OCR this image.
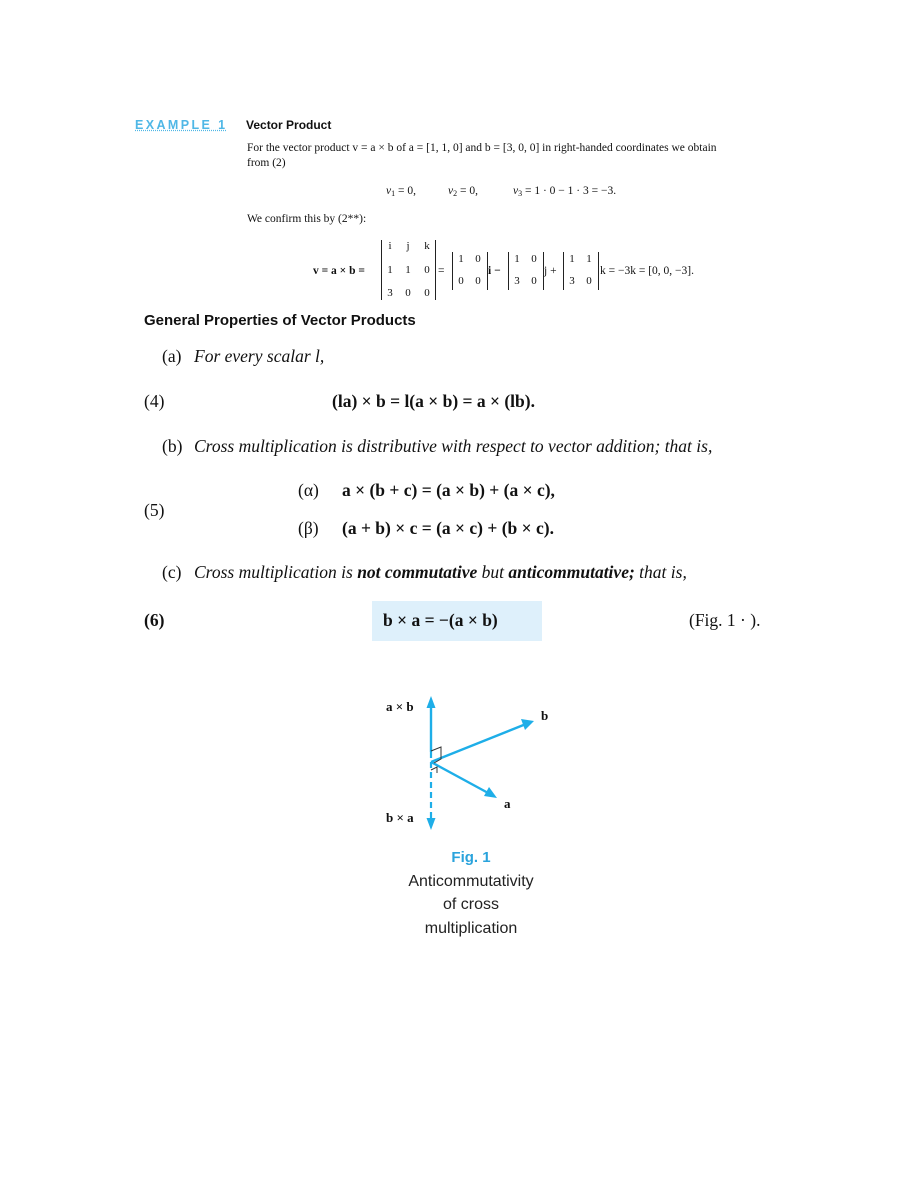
EXAMPLE 1 Vector Product
For the vector product v = a × b of a = [1, 1, 0] and b = [3, 0, 0] in right-handed coordinates we obtain
from (2)
$v_1 = 0$,	$v_2 = 0$,	$v_3 = 1 \cdot 0 - 1 \cdot 3 = -3$.
We confirm this by (2**):
v = a × b =
i	j	k
1	1	0
3	0	0
=
1	0
0	0
i −
1	0
3	0
j +
1	1
3	0
k = −3k = [0, 0, −3].
General Properties of Vector Products
(a) For every scalar l,
(4)	(la) × b = l(a × b) = a × (lb).
(b) Cross multiplication is distributive with respect to vector addition; that is,
(5)
(α) a × (b + c) = (a × b) + (a × c),
(β) (a + b) × c = (a × c) + (b × c).
(c) Cross multiplication is not commutative but anticommutative; that is,
(6)	b × a = −(a × b)	(Fig. 1 · ).
a × b
b × a
b
a
Fig. 1
Anticommutativity
of cross
multiplication
